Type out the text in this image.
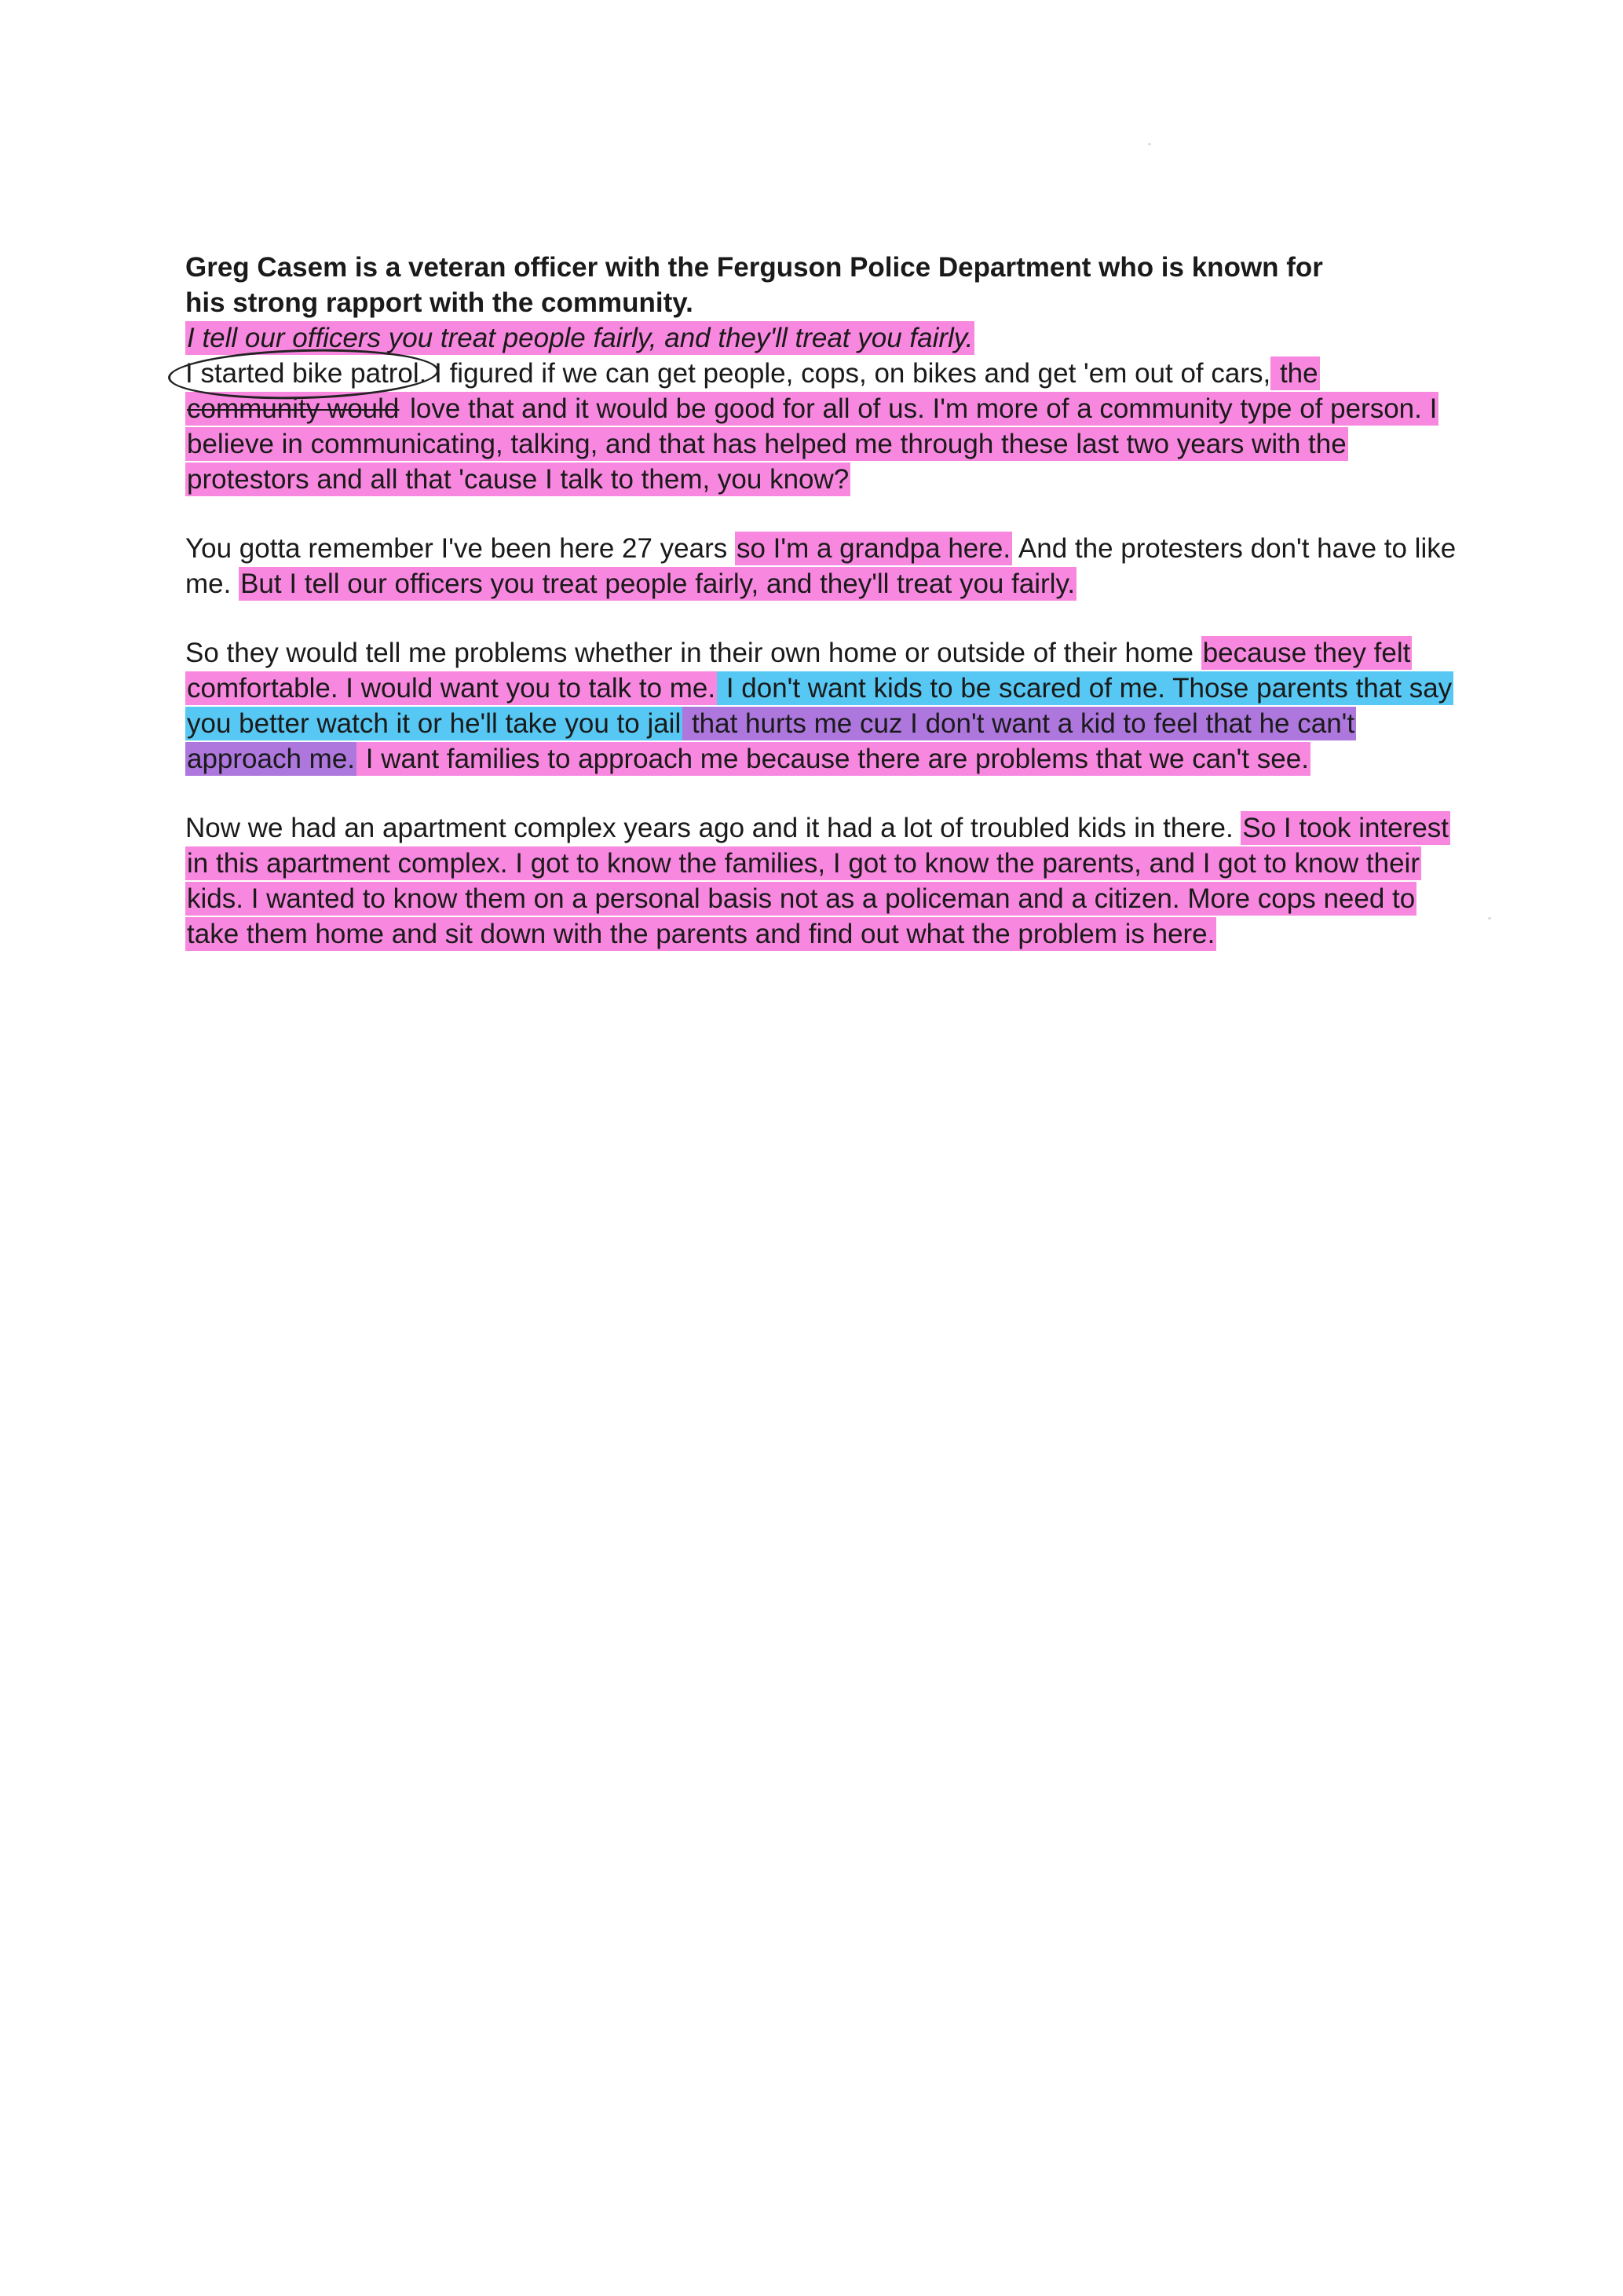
Greg Casem is a veteran officer with the Ferguson Police Department who is known for
his strong rapport with the community.

I tell our officers you treat people fairly, and they'll treat you fairly.

I started bike patrol. I figured if we can get people, cops, on bikes and get 'em out of cars, the community would love that and it would be good for all of us. I'm more of a community type of person. I believe in communicating, talking, and that has helped me through these last two years with the protestors and all that 'cause I talk to them, you know?

You gotta remember I've been here 27 years so I'm a grandpa here. And the protesters don't have to like me. But I tell our officers you treat people fairly, and they'll treat you fairly.

So they would tell me problems whether in their own home or outside of their home because they felt comfortable. I would want you to talk to me. I don't want kids to be scared of me. Those parents that say you better watch it or he'll take you to jail that hurts me cuz I don't want a kid to feel that he can't approach me. I want families to approach me because there are problems that we can't see.

Now we had an apartment complex years ago and it had a lot of troubled kids in there. So I took interest in this apartment complex. I got to know the families, I got to know the parents, and I got to know their kids. I wanted to know them on a personal basis not as a policeman and a citizen. More cops need to take them home and sit down with the parents and find out what the problem is here.
